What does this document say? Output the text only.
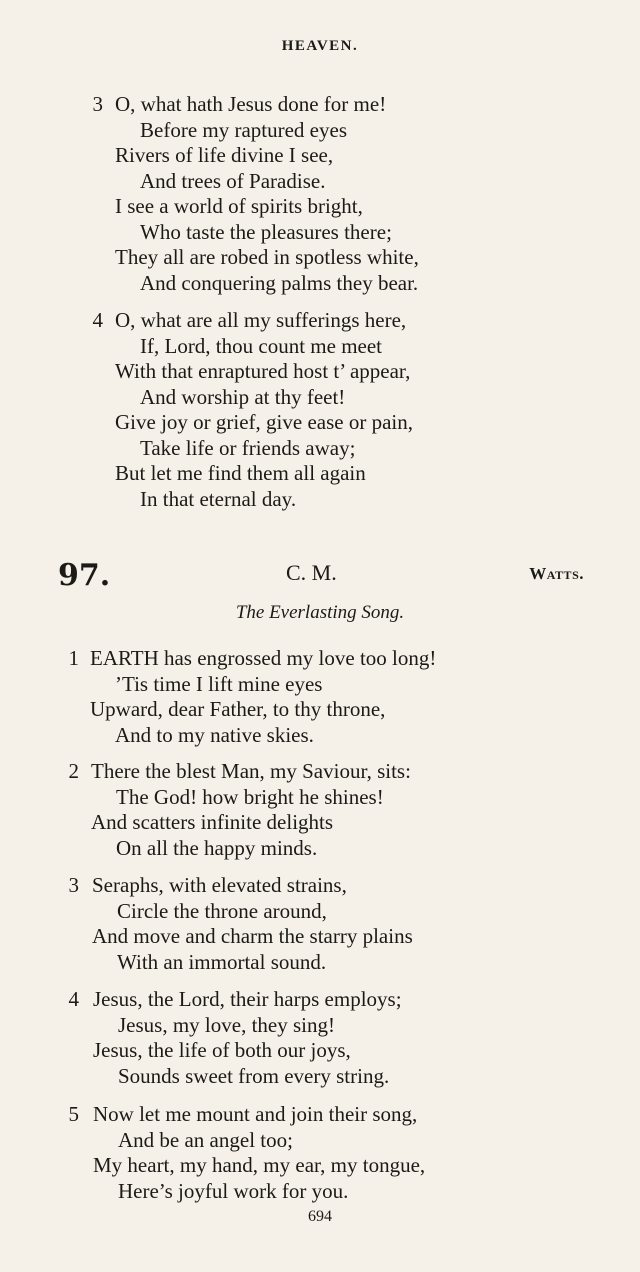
HEAVEN.
3 O, what hath Jesus done for me!
Before my raptured eyes
Rivers of life divine I see,
And trees of Paradise.
I see a world of spirits bright,
Who taste the pleasures there;
They all are robed in spotless white,
And conquering palms they bear.
4 O, what are all my sufferings here,
If, Lord, thou count me meet
With that enraptured host t’ appear,
And worship at thy feet!
Give joy or grief, give ease or pain,
Take life or friends away;
But let me find them all again
In that eternal day.
97.	C. M.	Watts.
The Everlasting Song.
1 EARTH has engrossed my love too long!
’Tis time I lift mine eyes
Upward, dear Father, to thy throne,
And to my native skies.
2 There the blest Man, my Saviour, sits:
The God! how bright he shines!
And scatters infinite delights
On all the happy minds.
3 Seraphs, with elevated strains,
Circle the throne around,
And move and charm the starry plains
With an immortal sound.
4 Jesus, the Lord, their harps employs;
Jesus, my love, they sing!
Jesus, the life of both our joys,
Sounds sweet from every string.
5 Now let me mount and join their song,
And be an angel too;
My heart, my hand, my ear, my tongue,
Here’s joyful work for you.
694
